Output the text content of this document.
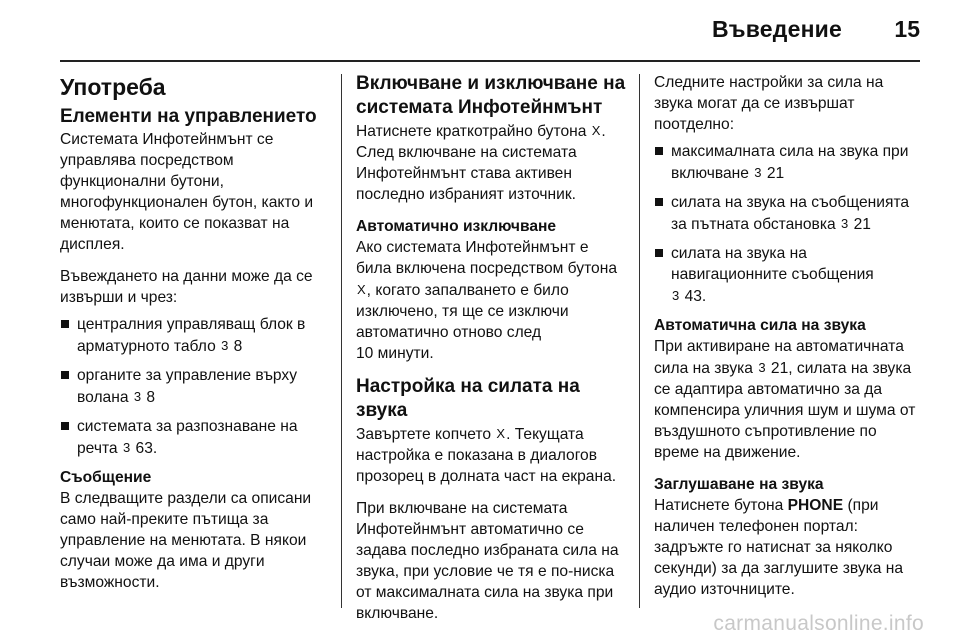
Въведение 15
Употреба
Елементи на управлението

Системата Инфотейнмънт се управлява посредством функционални бутони, многофункционален бутон, както и менютата, които се показват на дисплея.

Въвеждането на данни може да се извърши и чрез:

централния управляващ блок в арматурното табло 3 8
органите за управление върху волана 3 8
системата за разпознаване на речта 3 63.
Съобщение

В следващите раздели са описани само най-преките пътища за управление на менютата. В някои случаи може да има и други възможности.

Включване и изключване на системата Инфотейнмънт

Натиснете краткотрайно бутона X. След включване на системата Инфотейнмънт става активен последно избраният източник.

Автоматично изключване

Ако системата Инфотейнмънт е била включена посредством бутона X, когато запалването е било изключено, тя ще се изключи автоматично отново след
10 минути.

Настройка на силата на звука

Завъртете копчето X. Текущата настройка е показана в диалогов прозорец в долната част на екрана.

При включване на системата Инфотейнмънт автоматично се задава последно избраната сила на звука, при условие че тя е по-ниска от максималната сила на звука при включване.

Следните настройки за сила на звука могат да се извършат поотделно:

максималната сила на звука при включване 3 21
силата на звука на съобщенията за пътната обстановка 3 21
силата на звука на навигационните съобщения
3 43.
Автоматична сила на звука

При активиране на автоматичната сила на звука 3 21, силата на звука се адаптира автоматично за да компенсира уличния шум и шума от въздушното съпротивление по време на движение.

Заглушаване на звука

Натиснете бутона PHONE (при наличен телефонен портал: задръжте го натиснат за няколко секунди) за да заглушите звука на аудио източниците.

carmanualsonline.info
